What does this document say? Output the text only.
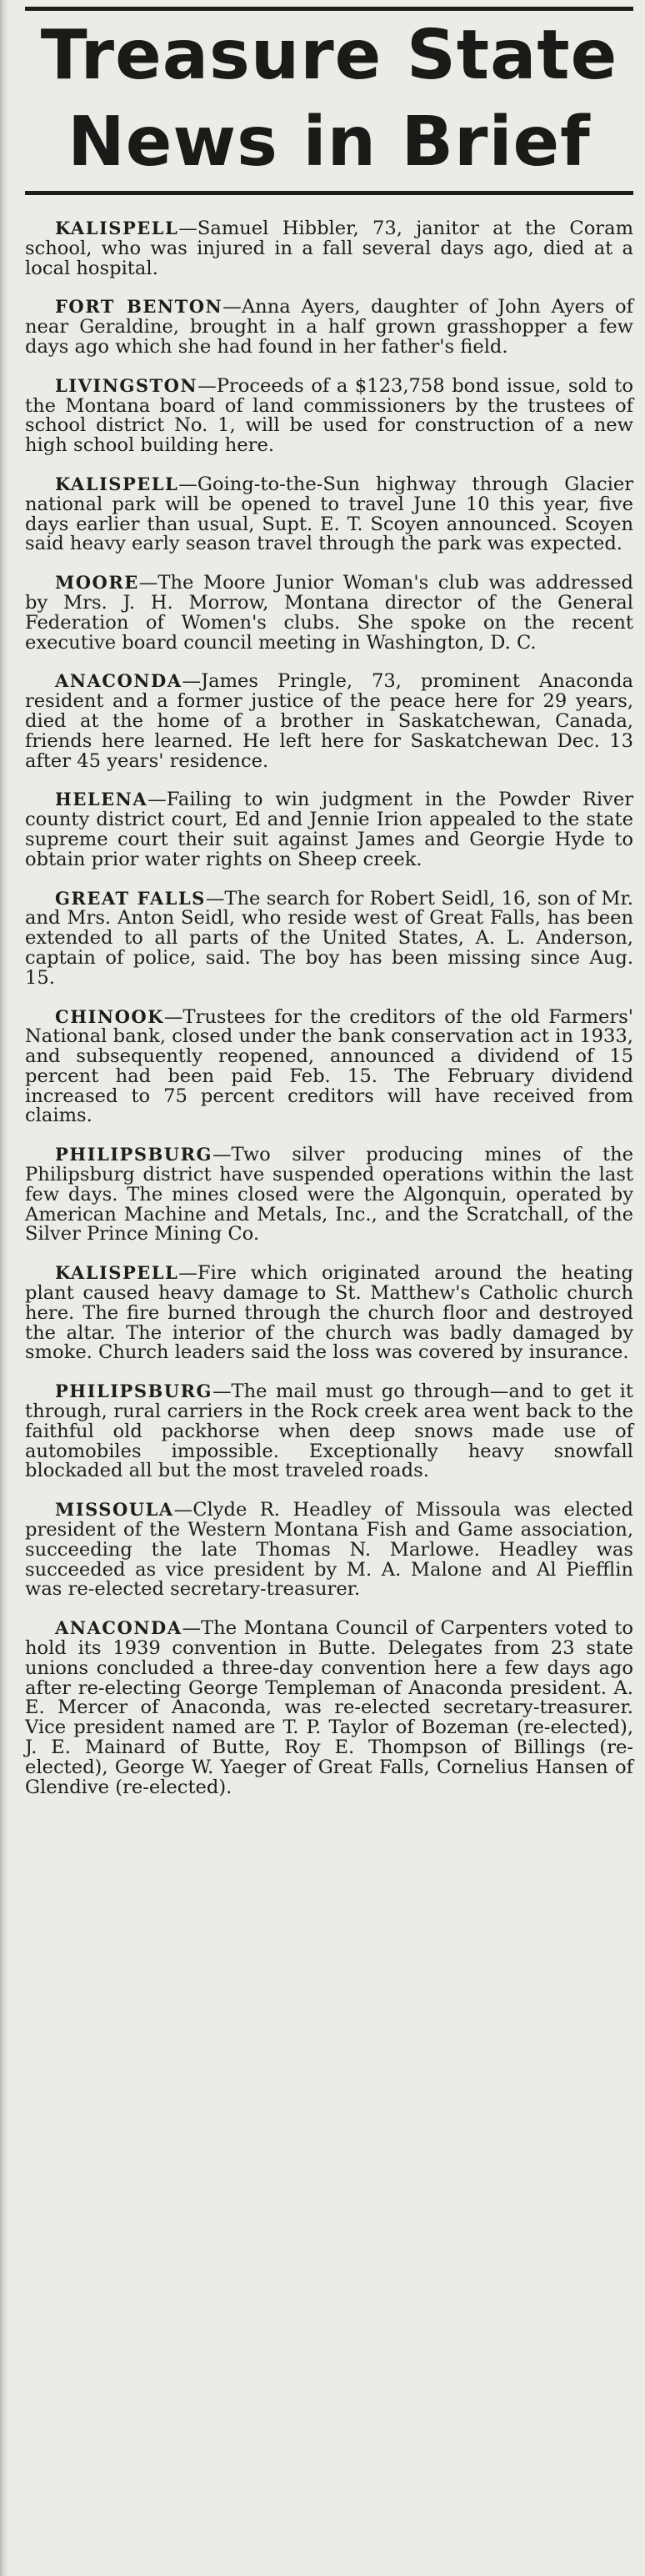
Treasure State
News in Brief

KALISPELL—Samuel Hibbler, 73, janitor at the Coram school, who was injured in a fall several days ago, died at a local hospital.

FORT BENTON—Anna Ayers, daughter of John Ayers of near Geraldine, brought in a half grown grasshopper a few days ago which she had found in her father's field.

LIVINGSTON—Proceeds of a $123,758 bond issue, sold to the Montana board of land commissioners by the trustees of school district No. 1, will be used for construction of a new high school building here.

KALISPELL—Going-to-the-Sun highway through Glacier national park will be opened to travel June 10 this year, five days earlier than usual, Supt. E. T. Scoyen announced. Scoyen said heavy early season travel through the park was expected.

MOORE—The Moore Junior Woman's club was addressed by Mrs. J. H. Morrow, Montana director of the General Federation of Women's clubs. She spoke on the recent executive board council meeting in Washington, D. C.

ANACONDA—James Pringle, 73, prominent Anaconda resident and a former justice of the peace here for 29 years, died at the home of a brother in Saskatchewan, Canada, friends here learned. He left here for Saskatchewan Dec. 13 after 45 years' residence.

HELENA—Failing to win judgment in the Powder River county district court, Ed and Jennie Irion appealed to the state supreme court their suit against James and Georgie Hyde to obtain prior water rights on Sheep creek.

GREAT FALLS—The search for Robert Seidl, 16, son of Mr. and Mrs. Anton Seidl, who reside west of Great Falls, has been extended to all parts of the United States, A. L. Anderson, captain of police, said. The boy has been missing since Aug. 15.

CHINOOK—Trustees for the creditors of the old Farmers' National bank, closed under the bank conservation act in 1933, and subsequently reopened, announced a dividend of 15 percent had been paid Feb. 15. The February dividend increased to 75 percent creditors will have received from claims.

PHILIPSBURG—Two silver producing mines of the Philipsburg district have suspended operations within the last few days. The mines closed were the Algonquin, operated by American Machine and Metals, Inc., and the Scratchall, of the Silver Prince Mining Co.

KALISPELL—Fire which originated around the heating plant caused heavy damage to St. Matthew's Catholic church here. The fire burned through the church floor and destroyed the altar. The interior of the church was badly damaged by smoke. Church leaders said the loss was covered by insurance.

PHILIPSBURG—The mail must go through—and to get it through, rural carriers in the Rock creek area went back to the faithful old packhorse when deep snows made use of automobiles impossible. Exceptionally heavy snowfall blockaded all but the most traveled roads.

MISSOULA—Clyde R. Headley of Missoula was elected president of the Western Montana Fish and Game association, succeeding the late Thomas N. Marlowe. Headley was succeeded as vice president by M. A. Malone and Al Piefflin was re-elected secretary-treasurer.

ANACONDA—The Montana Council of Carpenters voted to hold its 1939 convention in Butte. Delegates from 23 state unions concluded a three-day convention here a few days ago after re-electing George Templeman of Anaconda president. A. E. Mercer of Anaconda, was re-elected secretary-treasurer. Vice president named are T. P. Taylor of Bozeman (re-elected), J. E. Mainard of Butte, Roy E. Thompson of Billings (re-elected), George W. Yaeger of Great Falls, Cornelius Hansen of Glendive (re-elected).
